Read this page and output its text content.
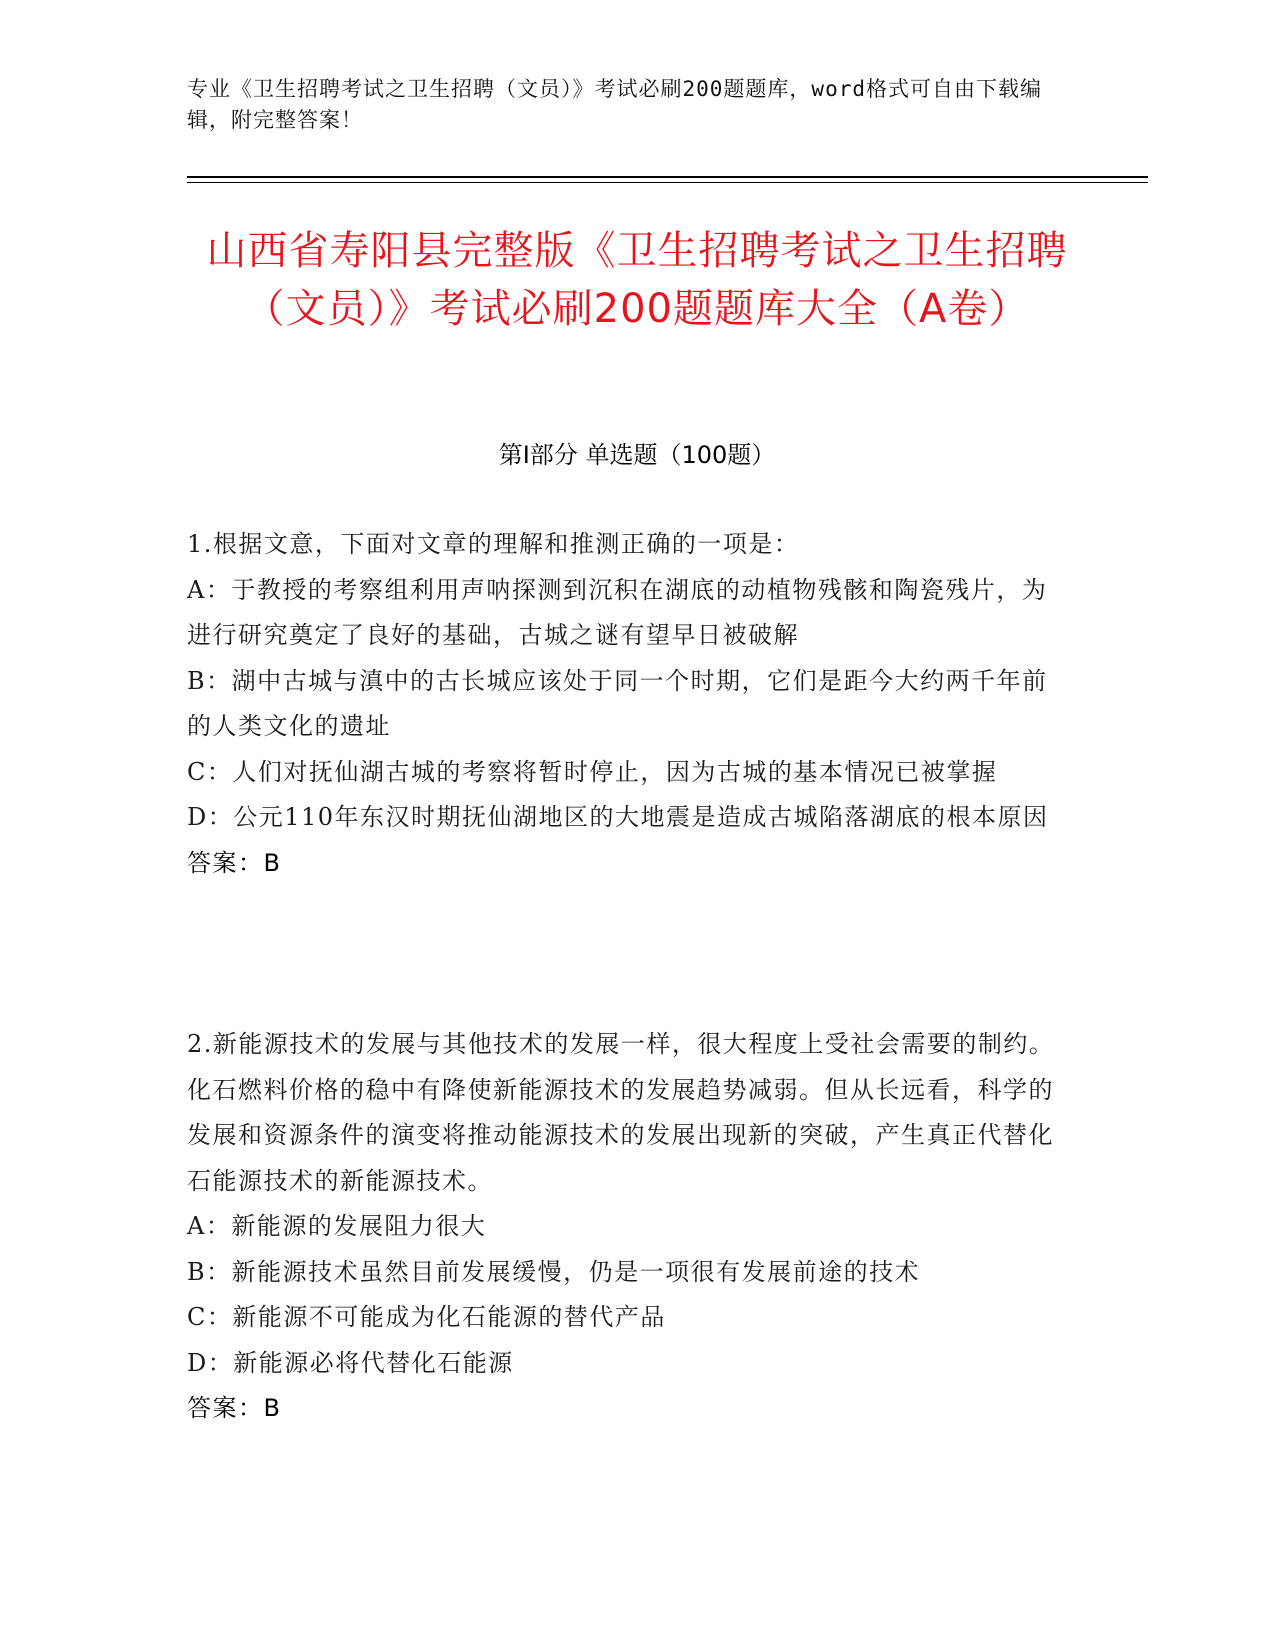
专业《卫生招聘考试之卫生招聘（文员）》考试必刷200题题库，word格式可自由下载编辑，附完整答案！
山西省寿阳县完整版《卫生招聘考试之卫生招聘（文员）》考试必刷200题题库大全（A卷）
第I部分 单选题（100题）
1.根据文意，下面对文章的理解和推测正确的一项是：
A：于教授的考察组利用声呐探测到沉积在湖底的动植物残骸和陶瓷残片，为进行研究奠定了良好的基础，古城之谜有望早日被破解
B：湖中古城与滇中的古长城应该处于同一个时期，它们是距今大约两千年前的人类文化的遗址
C：人们对抚仙湖古城的考察将暂时停止，因为古城的基本情况已被掌握
D：公元110年东汉时期抚仙湖地区的大地震是造成古城陷落湖底的根本原因
答案：B
2.新能源技术的发展与其他技术的发展一样，很大程度上受社会需要的制约。化石燃料价格的稳中有降使新能源技术的发展趋势减弱。但从长远看，科学的发展和资源条件的演变将推动能源技术的发展出现新的突破，产生真正代替化石能源技术的新能源技术。
A：新能源的发展阻力很大
B：新能源技术虽然目前发展缓慢，仍是一项很有发展前途的技术
C：新能源不可能成为化石能源的替代产品
D：新能源必将代替化石能源
答案：B
